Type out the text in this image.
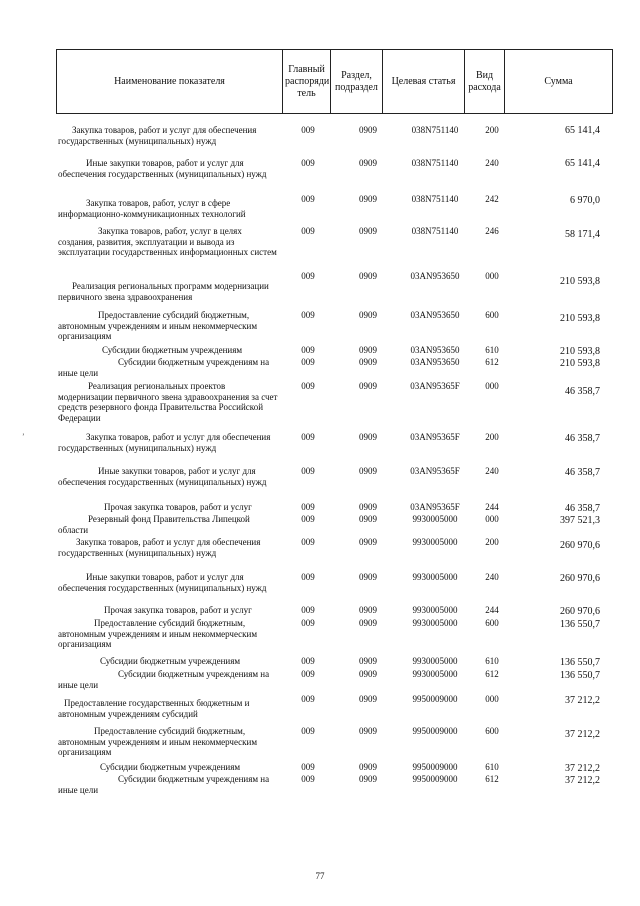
Наименование показателя	Главный распоряди тель	Раздел, подраздел	Целевая статья	Вид расхода	Сумма
Закупка товаров, работ и услуг для обеспечения государственных (муниципальных) нужд
009	0909	038N751140	200	65 141,4
Иные закупки товаров, работ и услуг для обеспечения государственных (муниципальных) нужд
009	0909	038N751140	240	65 141,4
Закупка товаров, работ, услуг в сфере информационно-коммуникационных технологий
009	0909	038N751140	242	6 970,0
Закупка товаров, работ, услуг в целях создания, развития, эксплуатации и вывода из эксплуатации государственных информационных систем
009	0909	038N751140	246	58 171,4
Реализация региональных программ модернизации первичного звена здравоохранения
009	0909	03AN953650	000	210 593,8
Предоставление субсидий бюджетным, автономным учреждениям и иным некоммерческим организациям
009	0909	03AN953650	600	210 593,8
Субсидии бюджетным учреждениям	009	0909	03AN953650	610	210 593,8
Субсидии бюджетным учреждениям на иные цели
009	0909	03AN953650	612	210 593,8
Реализация региональных проектов модернизации первичного звена здравоохранения за счет средств резервного фонда Правительства Российской Федерации
009	0909	03AN95365F	000	46 358,7
Закупка товаров, работ и услуг для обеспечения государственных (муниципальных) нужд
009	0909	03AN95365F	200	46 358,7
Иные закупки товаров, работ и услуг для обеспечения государственных (муниципальных) нужд
009	0909	03AN95365F	240	46 358,7
Прочая закупка товаров, работ и услуг	009	0909	03AN95365F	244	46 358,7
Резервный фонд Правительства Липецкой области
009	0909	9930005000	000	397 521,3
Закупка товаров, работ и услуг для обеспечения государственных (муниципальных) нужд
009	0909	9930005000	200	260 970,6
Иные закупки товаров, работ и услуг для обеспечения государственных (муниципальных) нужд
009	0909	9930005000	240	260 970,6
Прочая закупка товаров, работ и услуг	009	0909	9930005000	244	260 970,6
Предоставление субсидий бюджетным, автономным учреждениям и иным некоммерческим организациям
009	0909	9930005000	600	136 550,7
Субсидии бюджетным учреждениям	009	0909	9930005000	610	136 550,7
Субсидии бюджетным учреждениям на иные цели
009	0909	9930005000	612	136 550,7
Предоставление государственных бюджетным и автономным учреждениям субсидий
009	0909	9950009000	000	37 212,2
Предоставление субсидий бюджетным, автономным учреждениям и иным некоммерческим организациям
009	0909	9950009000	600	37 212,2
Субсидии бюджетным учреждениям	009	0909	9950009000	610	37 212,2
Субсидии бюджетным учреждениям на иные цели
009	0909	9950009000	612	37 212,2
’
77
